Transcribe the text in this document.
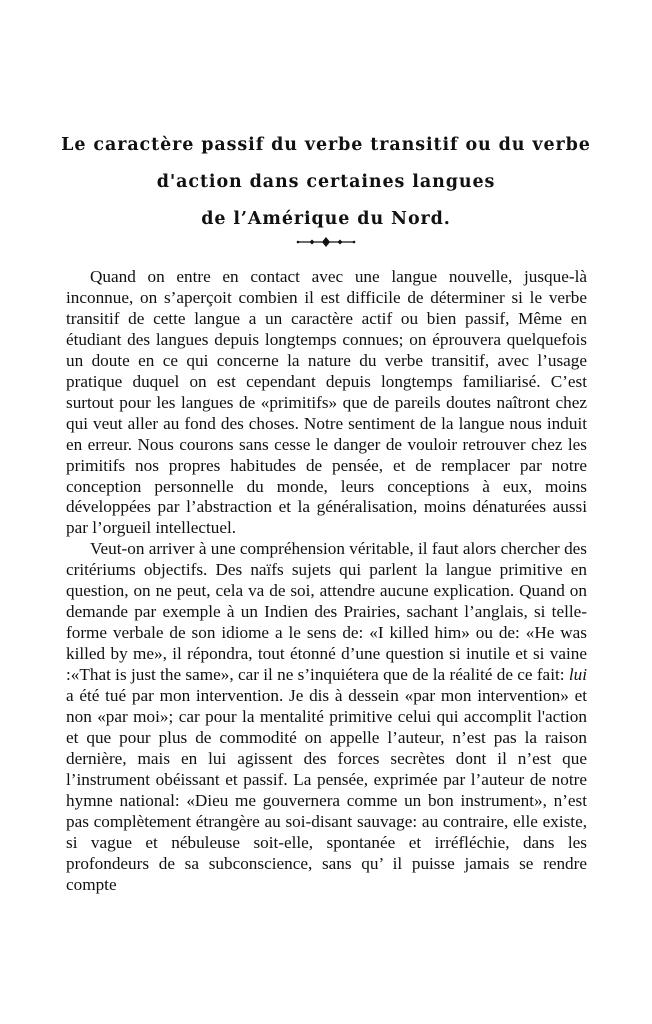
Le caractère passif du verbe transitif ou du verbe
d'action dans certaines langues
de l’Amérique du Nord.

Quand on entre en contact avec une langue nouvelle, jusque-là inconnue, on s’aperçoit combien il est difficile de déterminer si le verbe transitif de cette langue a un caractère actif ou bien passif, Même en étudiant des langues depuis longtemps connues; on éprouvera quelquefois un doute en ce qui concerne la nature du verbe transitif, avec l’usage pratique duquel on est cependant depuis longtemps familiarisé. C’est surtout pour les langues de «primitifs» que de pareils doutes naîtront chez qui veut aller au fond des choses. Notre sentiment de la langue nous induit en erreur. Nous courons sans cesse le danger de vouloir retrouver chez les primitifs nos propres habitudes de pensée, et de remplacer par notre conception personnelle du monde, leurs conceptions à eux, moins développées par l’abstraction et la généralisation, moins dénaturées aussi par l’orgueil intellectuel.

Veut-on arriver à une compréhension véritable, il faut alors chercher des critériums objectifs. Des naïfs sujets qui parlent la langue primitive en question, on ne peut, cela va de soi, attendre aucune explication. Quand on demande par exemple à un Indien des Prairies, sachant l’anglais, si telle-forme verbale de son idiome a le sens de: «I killed him» ou de: «He was killed by me», il répondra, tout étonné d’une question si inutile et si vaine :«That is just the same», car il ne s’inquiétera que de la réalité de ce fait: lui a été tué par mon intervention. Je dis à dessein «par mon intervention» et non «par moi»; car pour la mentalité primitive celui qui accomplit l'action et que pour plus de commodité on appelle l’auteur, n’est pas la raison dernière, mais en lui agissent des forces secrètes dont il n’est que l’instrument obéissant et passif. La pensée, exprimée par l’auteur de notre hymne national: «Dieu me gouvernera comme un bon instrument», n’est pas complètement étrangère au soi-disant sauvage: au contraire, elle existe, si vague et nébuleuse soit-elle, spontanée et irréfléchie, dans les profondeurs de sa subconscience, sans qu’ il puisse jamais se rendre compte
